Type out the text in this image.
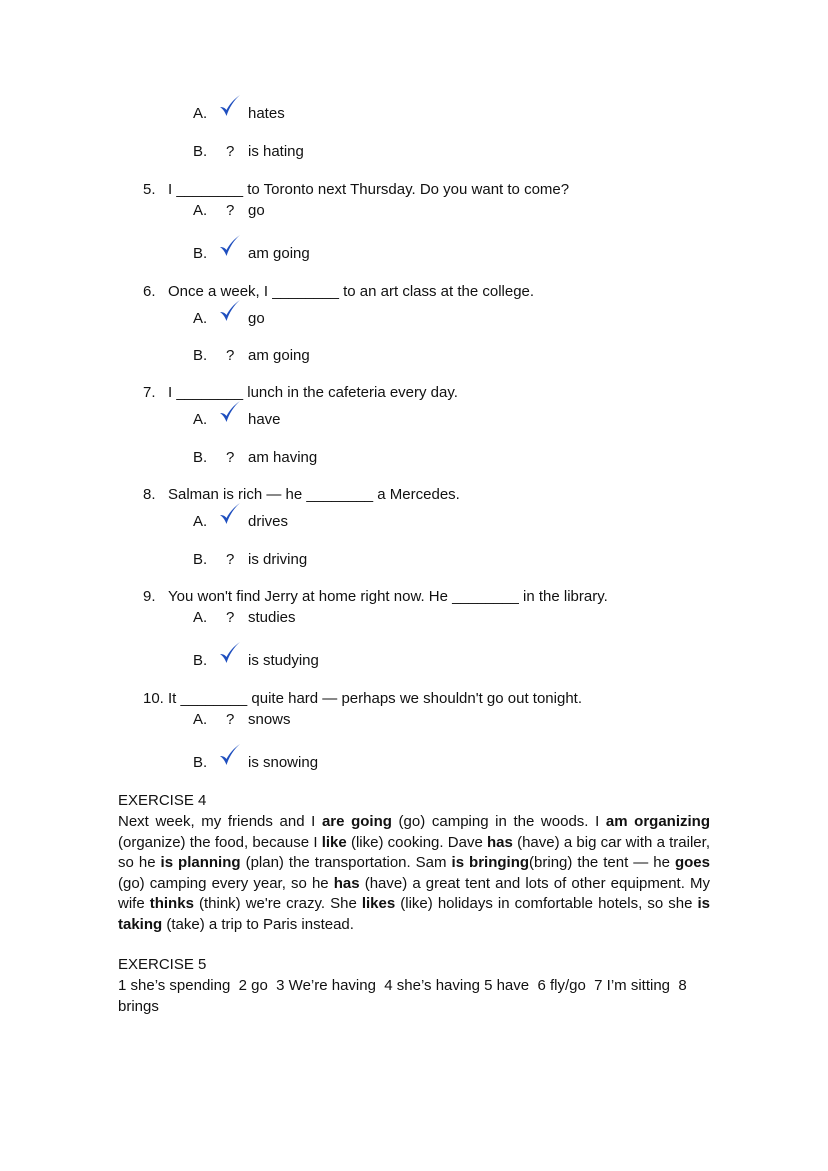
A.	hates
B. ? is hating
5. I ________ to Toronto next Thursday. Do you want to come?
A. ? go
B.	am going
6. Once a week, I ________ to an art class at the college.
A.	go
B. ? am going
7. I ________ lunch in the cafeteria every day.
A.	have
B. ? am having
8. Salman is rich — he ________ a Mercedes.
A.	drives
B. ? is driving
9. You won't find Jerry at home right now. He ________ in the library.
A. ? studies
B.	is studying
10. It ________ quite hard — perhaps we shouldn't go out tonight.
A. ? snows
B.	is snowing
EXERCISE 4
Next week, my friends and I are going (go) camping in the woods. I am organizing (organize) the food, because I like (like) cooking. Dave has (have) a big car with a trailer, so he is planning (plan) the transportation. Sam is bringing(bring) the tent — he goes (go) camping every year, so he has (have) a great tent and lots of other equipment. My wife thinks (think) we're crazy. She likes (like) holidays in comfortable hotels, so she is taking (take) a trip to Paris instead.
EXERCISE 5
1 she’s spending  2 go  3 We’re having  4 she’s having 5 have  6 fly/go  7 I’m sitting  8 brings
